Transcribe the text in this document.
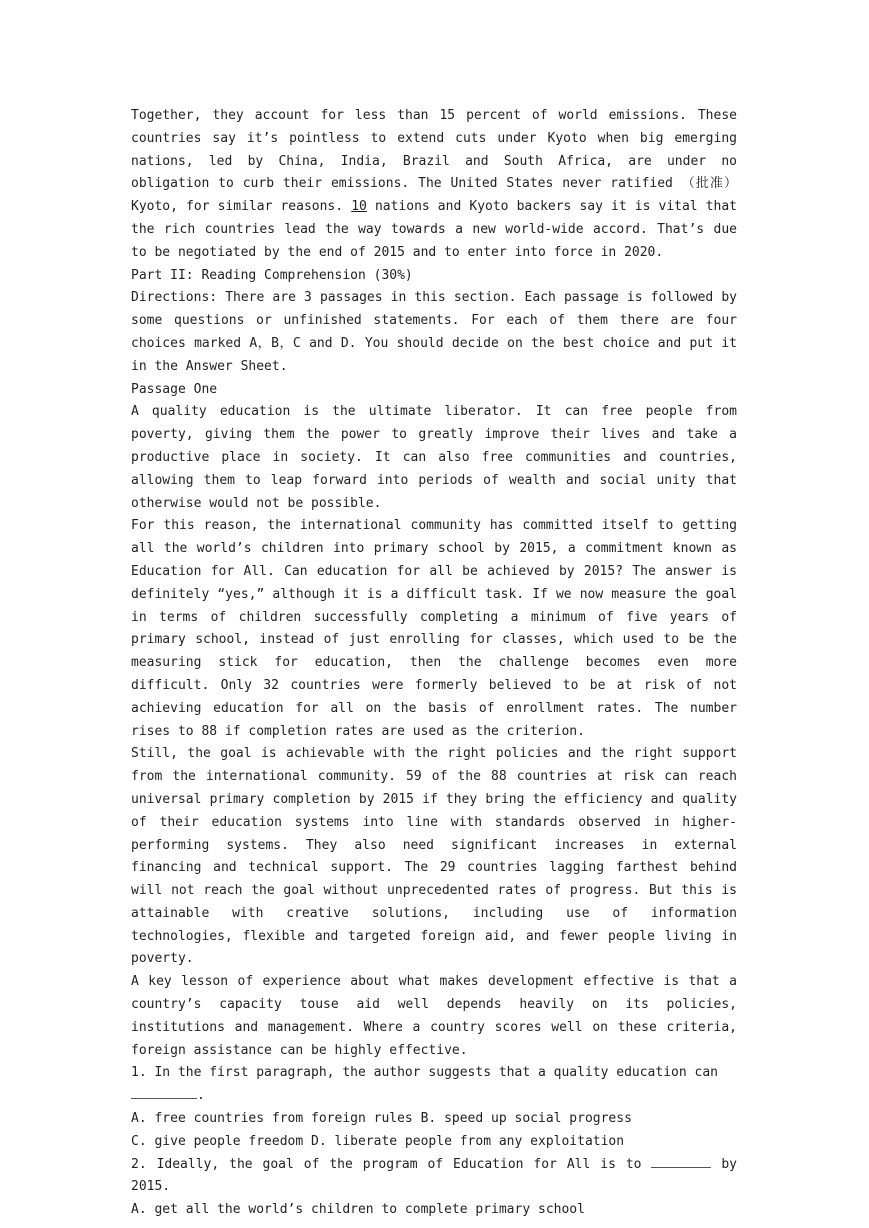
Together, they account for less than 15 percent of world emissions. These countries say it’s pointless to extend cuts under Kyoto when big emerging nations, led by China, India, Brazil and South Africa, are under no obligation to curb their emissions. The United States never ratified （批准）Kyoto, for similar reasons. 10 nations and Kyoto backers say it is vital that the rich countries lead the way towards a new world-wide accord. That’s due to be negotiated by the end of 2015 and to enter into force in 2020.

Part II: Reading Comprehension (30%)

Directions: There are 3 passages in this section. Each passage is followed by some questions or unfinished statements. For each of them there are four choices marked A，B，C and D. You should decide on the best choice and put it in the Answer Sheet.

Passage One

A quality education is the ultimate liberator. It can free people from poverty, giving them the power to greatly improve their lives and take a productive place in society. It can also free communities and countries, allowing them to leap forward into periods of wealth and social unity that otherwise would not be possible.

For this reason, the international community has committed itself to getting all the world’s children into primary school by 2015, a commitment known as Education for All. Can education for all be achieved by 2015? The answer is definitely “yes,” although it is a difficult task. If we now measure the goal in terms of children successfully completing a minimum of five years of primary school, instead of just enrolling for classes, which used to be the measuring stick for education, then the challenge becomes even more difficult. Only 32 countries were formerly believed to be at risk of not achieving education for all on the basis of enrollment rates. The number rises to 88 if completion rates are used as the criterion.

Still, the goal is achievable with the right policies and the right support from the international community. 59 of the 88 countries at risk can reach universal primary completion by 2015 if they bring the efficiency and quality of their education systems into line with standards observed in higher-performing systems. They also need significant increases in external financing and technical support. The 29 countries lagging farthest behind will not reach the goal without unprecedented rates of progress. But this is attainable with creative solutions, including use of information technologies, flexible and targeted foreign aid, and fewer people living in poverty.

A key lesson of experience about what makes development effective is that a country’s capacity touse aid well depends heavily on its policies, institutions and management. Where a country scores well on these criteria, foreign assistance can be highly effective.

1. In the first paragraph, the author suggests that a quality education can
.

A. free countries from foreign rules B. speed up social progress

C. give people freedom D. liberate people from any exploitation

2. Ideally, the goal of the program of Education for All is to	by 2015.

A. get all the world’s children to complete primary school
